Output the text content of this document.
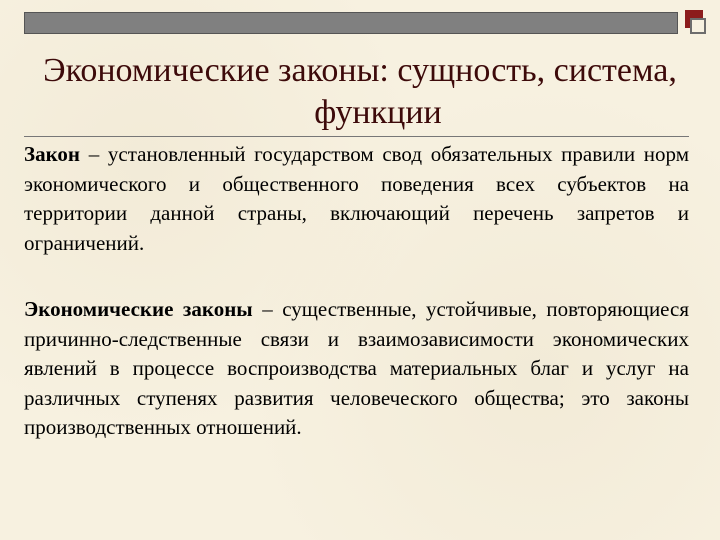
Экономические законы: сущность, система,
функции
Закон – установленный государством свод обязательных правили норм экономического и общественного поведения всех субъектов на территории данной страны, включающий перечень запретов и ограничений.
Экономические законы – существенные, устойчивые, повторяющиеся причинно-следственные связи и взаимозависимости экономических явлений в процессе воспроизводства материальных благ и услуг на различных ступенях развития человеческого общества; это законы производственных отношений.
